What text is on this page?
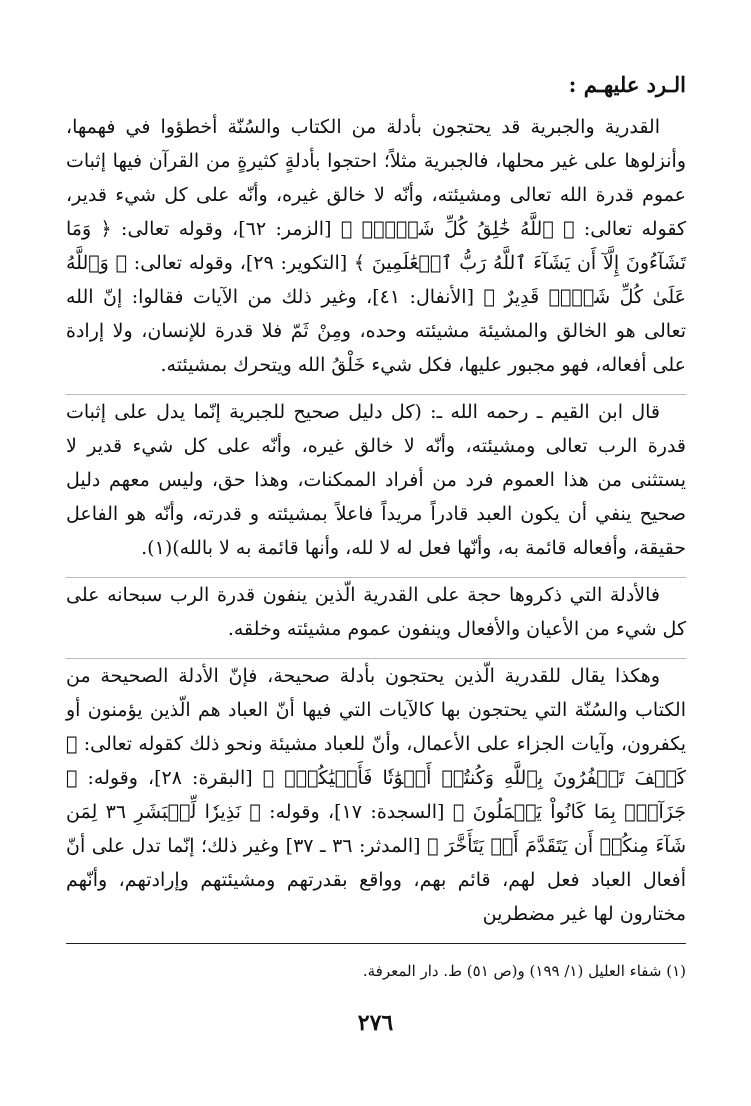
الـرد عليهـم :

القدرية والجبرية قد يحتجون بأدلة من الكتاب والسُنّة أخطؤوا في فهمها، وأنزلوها على غير محلها، فالجبرية مثلاً؛ احتجوا بأدلةٍ كثيرةٍ من القرآن فيها إثبات عموم قدرة الله تعالى ومشيئته، وأنّه لا خالق غيره، وأنّه على كل شيء قدير، كقوله تعالى: ﴿ ٱللَّهُ خَٰلِقُ كُلِّ شَيۡءٖۖ ﴾ [الزمر: ٦٢]، وقوله تعالى: ﴿ وَمَا تَشَآءُونَ إِلَّآ أَن يَشَآءَ ٱللَّهُ رَبُّ ٱلۡعَٰلَمِينَ ﴾ [التكوير: ٢٩]، وقوله تعالى: ﴿ وَٱللَّهُ عَلَىٰ كُلِّ شَيۡءٖ قَدِيرٌ ﴾ [الأنفال: ٤١]، وغير ذلك من الآيات فقالوا: إنّ الله تعالى هو الخالق والمشيئة مشيئته وحده، ومِنْ ثَمّ فلا قدرة للإنسان، ولا إرادة على أفعاله، فهو مجبور عليها، فكل شيء خَلْقُ الله ويتحرك بمشيئته.

قال ابن القيم ـ رحمه الله ـ: (كل دليل صحيح للجبرية إنّما يدل على إثبات قدرة الرب تعالى ومشيئته، وأنّه لا خالق غيره، وأنّه على كل شيء قدير لا يستثنى من هذا العموم فرد من أفراد الممكنات، وهذا حق، وليس معهم دليل صحيح ينفي أن يكون العبد قادراً مريداً فاعلاً بمشيئته و قدرته، وأنّه هو الفاعل حقيقة، وأفعاله قائمة به، وأنّها فعل له لا لله، وأنها قائمة به لا بالله)(١).

فالأدلة التي ذكروها حجة على القدرية الّذين ينفون قدرة الرب سبحانه على كل شيء من الأعيان والأفعال وينفون عموم مشيئته وخلقه.

وهكذا يقال للقدرية الّذين يحتجون بأدلة صحيحة، فإنّ الأدلة الصحيحة من الكتاب والسُنّة التي يحتجون بها كالآيات التي فيها أنّ العباد هم الّذين يؤمنون أو يكفرون، وآيات الجزاء على الأعمال، وأنّ للعباد مشيئة ونحو ذلك كقوله تعالى: ﴿ كَيۡفَ تَكۡفُرُونَ بِٱللَّهِ وَكُنتُمۡ أَمۡوَٰتٗا فَأَحۡيَٰكُمۡۖ ﴾ [البقرة: ٢٨]، وقوله: ﴿ جَزَآءَۢ بِمَا كَانُواْ يَعۡمَلُونَ ﴾ [السجدة: ١٧]، وقوله: ﴿ نَذِيرٗا لِّلۡبَشَرِ ٣٦ لِمَن شَآءَ مِنكُمۡ أَن يَتَقَدَّمَ أَوۡ يَتَأَخَّرَ ﴾ [المدثر: ٣٦ ـ ٣٧] وغير ذلك؛ إنّما تدل على أنّ أفعال العباد فعل لهم، قائم بهم، وواقع بقدرتهم ومشيئتهم وإرادتهم، وأنّهم مختارون لها غير مضطرين

(١) شفاء العليل (١/ ١٩٩) و(ص ٥١) ط. دار المعرفة.
٢٧٦
